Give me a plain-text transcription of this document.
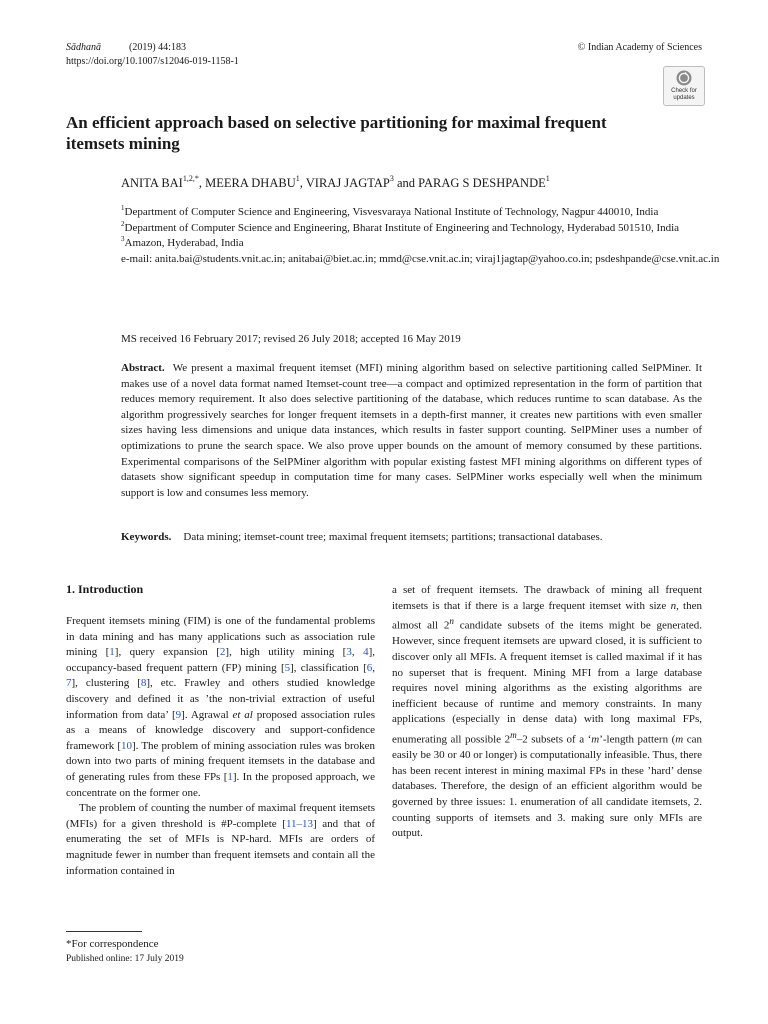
Sādhanā	(2019) 44:183
https://doi.org/10.1007/s12046-019-1158-1
© Indian Academy of Sciences
Check for
updates
An efficient approach based on selective partitioning for maximal frequent itemsets mining
ANITA $BAI^{1,2,*}$, MEERA DHABU$^1$, VIRAJ JAGTAP$^3$ and PARAG S DESHPANDE$^1$
$^1$Department of Computer Science and Engineering, Visvesvaraya National Institute of Technology, Nagpur 440010, India
$^2$Department of Computer Science and Engineering, Bharat Institute of Engineering and Technology, Hyderabad 501510, India
$^3$Amazon, Hyderabad, India
e-mail: anita.bai@students.vnit.ac.in; anitabai@biet.ac.in; mmd@cse.vnit.ac.in; viraj1jagtap@yahoo.co.in; psdeshpande@cse.vnit.ac.in
MS received 16 February 2017; revised 26 July 2018; accepted 16 May 2019
Abstract. We present a maximal frequent itemset (MFI) mining algorithm based on selective partitioning called SelPMiner. It makes use of a novel data format named Itemset-count tree—a compact and optimized representation in the form of partition that reduces memory requirement. It also does selective partitioning of the database, which reduces runtime to scan database. As the algorithm progressively searches for longer frequent itemsets in a depth-first manner, it creates new partitions with even smaller sizes having less dimensions and unique data instances, which results in faster support counting. SelPMiner uses a number of optimizations to prune the search space. We also prove upper bounds on the amount of memory consumed by these partitions. Experimental comparisons of the SelPMiner algorithm with popular existing fastest MFI mining algorithms on different types of datasets show significant speedup in computation time for many cases. SelPMiner works especially well when the minimum support is low and consumes less memory.
Keywords. Data mining; itemset-count tree; maximal frequent itemsets; partitions; transactional databases.
1. Introduction

Frequent itemsets mining (FIM) is one of the fundamental problems in data mining and has many applications such as association rule mining [1], query expansion [2], high utility mining [3, 4], occupancy-based frequent pattern (FP) mining [5], classification [6, 7], clustering [8], etc. Frawley and others studied knowledge discovery and defined it as ’the non-trivial extraction of useful information from data’ [9]. Agrawal et al proposed association rules as a means of knowledge discovery and support-confidence framework [10]. The problem of mining association rules was broken down into two parts of mining frequent itemsets in the database and of generating rules from these FPs [1]. In the proposed approach, we concentrate on the former one.

The problem of counting the number of maximal frequent itemsets (MFIs) for a given threshold is #P-complete [11–13] and that of enumerating the set of MFIs is NP-hard. MFIs are orders of magnitude fewer in number than frequent itemsets and contain all the information contained in

a set of frequent itemsets. The drawback of mining all frequent itemsets is that if there is a large frequent itemset with size n, then almost all 2$^n$ candidate subsets of the items might be generated. However, since frequent itemsets are upward closed, it is sufficient to discover only all MFIs. A frequent itemset is called maximal if it has no superset that is frequent. Mining MFI from a large database requires novel mining algorithms as the existing algorithms are inefficient because of runtime and memory constraints. In many applications (especially in dense data) with long maximal FPs, enumerating all possible 2$^m$–2 subsets of a ‘m’-length pattern (m can easily be 30 or 40 or longer) is computationally infeasible. Thus, there has been recent interest in mining maximal FPs in these ’hard’ dense databases. Therefore, the design of an efficient algorithm would be governed by three issues: 1. enumeration of all candidate itemsets, 2. counting supports of itemsets and 3. making sure only MFIs are output.

*For correspondence
Published online: 17 July 2019
